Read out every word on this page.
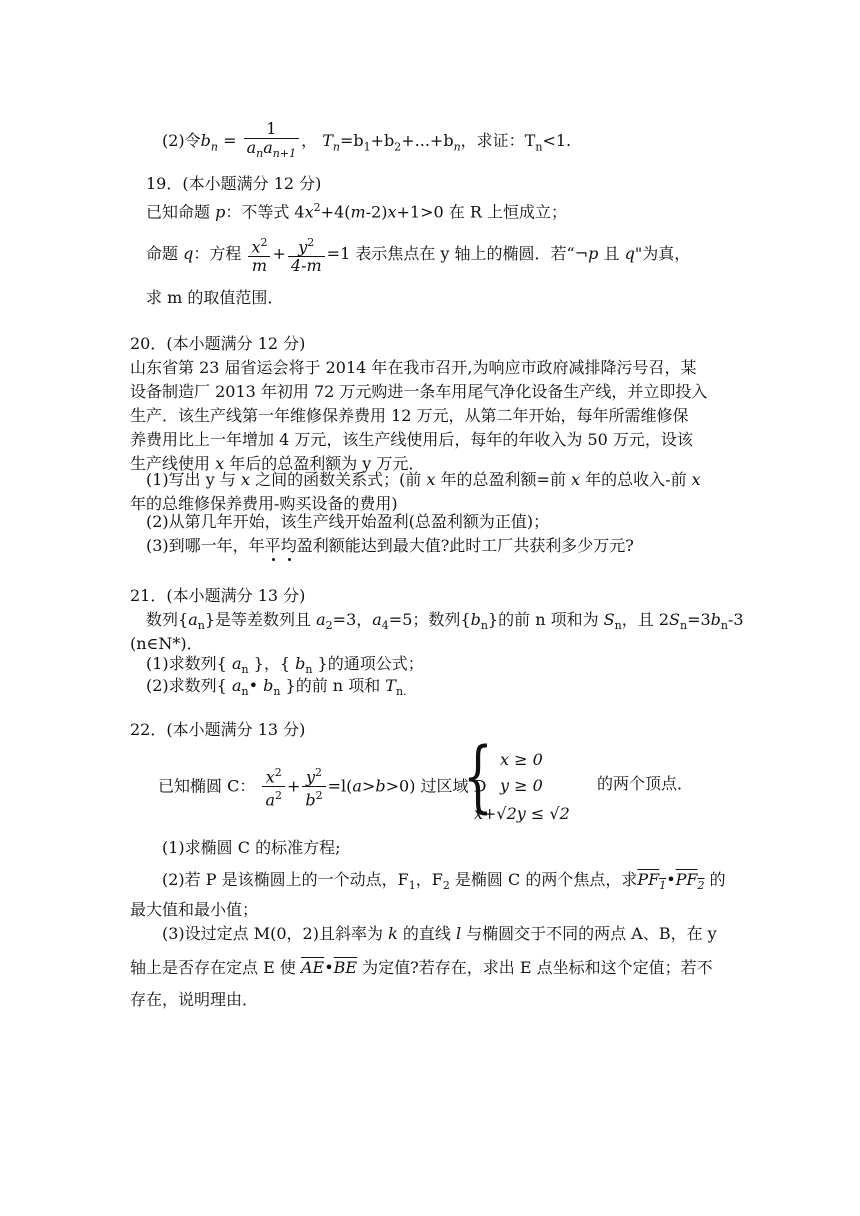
(2)令$b_n = \frac{1}{a_na_{n+1}}$ ， $T_n=b_1+b_2+...+b_n$，求证：$T_n<1$.
19．(本小题满分 12 分)
已知命题 p：不等式 $4x^2+4(m-2)x+1>0$ 在 R 上恒成立；
命题 q：方程 $\frac{x^2}{m} + \frac{y^2}{4-m} =1$ 表示焦点在 y 轴上的椭圆．若“¬p 且 q"为真，
求 m 的取值范围．
20．(本小题满分 12 分)
山东省第 23 届省运会将于 2014 年在我市召开,为响应市政府减排降污号召，某
设备制造厂 2013 年初用 72 万元购进一条车用尾气净化设备生产线，并立即投入
生产．该生产线第一年维修保养费用 12 万元，从第二年开始，每年所需维修保
养费用比上一年增加 4 万元，该生产线使用后，每年的年收入为 50 万元，设该
生产线使用 x 年后的总盈利额为 y 万元．
(1)写出 y 与 x 之间的函数关系式；(前 x 年的总盈利额=前 x 年的总收入-前 x
年的总维修保养费用-购买设备的费用)
(2)从第几年开始，该生产线开始盈利(总盈利额为正值)；
(3)到哪一年，年平均盈利额能达到最大值?此时工厂共获利多少万元?
21．(本小题满分 13 分)
数列$\{a_n\}$是等差数列且 $a_2=3$，$a_4=5$；数列$\{b_n\}$的前 n 项和为 $S_n$，且 $2S_n=3b_n-3$
(n∈N*)．
(1)求数列{ $a_n$ }，{ $b_n$ }的通项公式；
(2)求数列{ $a_n•$ $b_n$ }的前 n 项和 $T_{n.}$
22．(本小题满分 13 分)
已知椭圆 C： $\frac{x^2}{a^2} + \frac{y^2}{b^2} =l(a>b>0)$ 过区域 D
{ x ≥ 0
y ≥ 0
x+√2y ≤ √2
的两个顶点．
(1)求椭圆 C 的标准方程;
(2)若 P 是该椭圆上的一个动点，$F_1$，$F_2$ 是椭圆 C 的两个焦点，求$PF_1•PF_2$ 的
最大值和最小值；
(3)设过定点 M(0，2)且斜率为 k 的直线 l 与椭圆交于不同的两点 A、B，在 y
轴上是否存在定点 E 使 $\overline{AE}•\overline{BE}$ 为定值?若存在，求出 E 点坐标和这个定值；若不
存在，说明理由．
